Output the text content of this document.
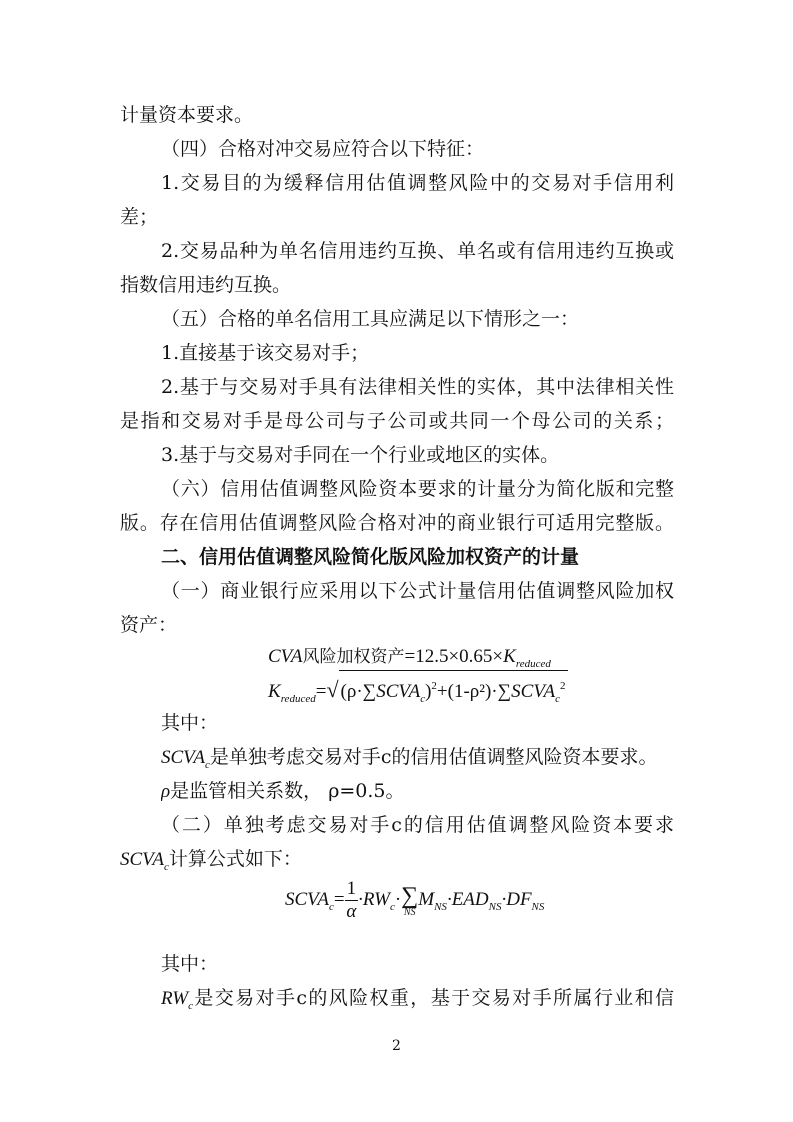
计量资本要求。
（四）合格对冲交易应符合以下特征：
1.交易目的为缓释信用估值调整风险中的交易对手信用利
差；
2.交易品种为单名信用违约互换、单名或有信用违约互换或
指数信用违约互换。
（五）合格的单名信用工具应满足以下情形之一：
1.直接基于该交易对手；
2.基于与交易对手具有法律相关性的实体，其中法律相关性
是指和交易对手是母公司与子公司或共同一个母公司的关系；
3.基于与交易对手同在一个行业或地区的实体。
（六）信用估值调整风险资本要求的计量分为简化版和完整
版。存在信用估值调整风险合格对冲的商业银行可适用完整版。
二、信用估值调整风险简化版风险加权资产的计量
（一）商业银行应采用以下公式计量信用估值调整风险加权
资产：
CVA风险加权资产$=12.5\times 0.65\times K_{reduced}$
$K_{reduced}=√$ $(\rho\cdot\sum SCVA_c)^2+(1-\rho^2)\cdot\sum SCVA_c^2$
其中：
$SCVA_c$是单独考虑交易对手c的信用估值调整风险资本要求。
ρ是监管相关系数， ρ=0.5。
（二）单独考虑交易对手c的信用估值调整风险资本要求
$SCVA_c$计算公式如下：
$SCVA_c= \frac{1}{\alpha} \cdot RW_c\cdot$ ∑
NS
$M_{NS}\cdot EAD_{NS}\cdot DF_{NS}$
其中：
$RW_c$是交易对手c的风险权重，基于交易对手所属行业和信
2
